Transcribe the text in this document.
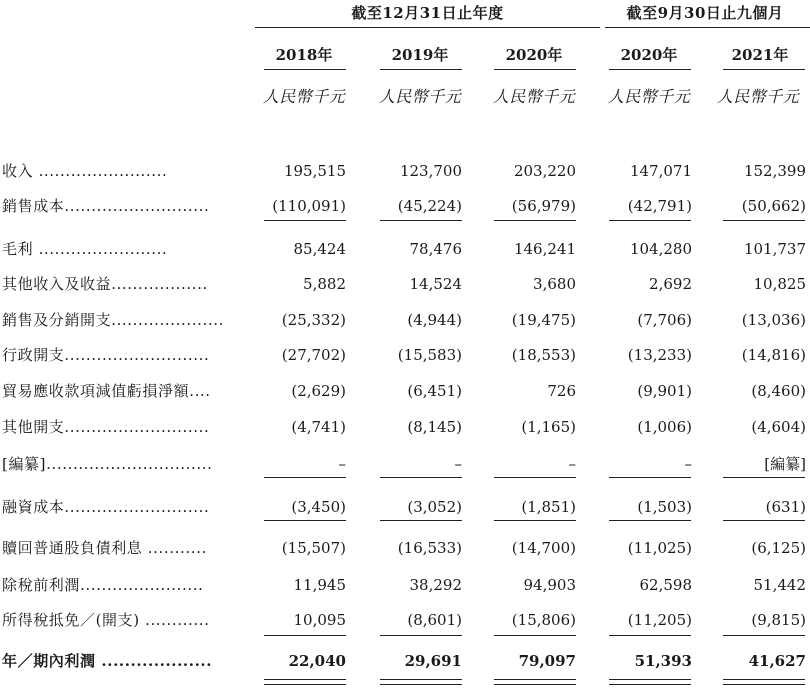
截至12月31日止年度	截至9月30日止九個月
2018年	2019年	2020年	2020年	2021年
人民幣千元	人民幣千元	人民幣千元	人民幣千元	人民幣千元
收入 ........................	195,515	123,700	203,220	147,071	152,399
銷售成本...........................	(110,091)	(45,224)	(56,979)	(42,791)	(50,662)
毛利 ........................	85,424	78,476	146,241	104,280	101,737
其他收入及收益..................	5,882	14,524	3,680	2,692	10,825
銷售及分銷開支.....................	(25,332)	(4,944)	(19,475)	(7,706)	(13,036)
行政開支...........................	(27,702)	(15,583)	(18,553)	(13,233)	(14,816)
貿易應收款項減值虧損淨額....	(2,629)	(6,451)	726	(9,901)	(8,460)
其他開支...........................	(4,741)	(8,145)	(1,165)	(1,006)	(4,604)
[編纂]...............................	–	–	–	–	[編纂]
融資成本...........................	(3,450)	(3,052)	(1,851)	(1,503)	(631)
贖回普通股負債利息 ...........	(15,507)	(16,533)	(14,700)	(11,025)	(6,125)
除稅前利潤.......................	11,945	38,292	94,903	62,598	51,442
所得稅抵免／(開支) ............	10,095	(8,601)	(15,806)	(11,205)	(9,815)
年／期內利潤 ...................	22,040	29,691	79,097	51,393	41,627
